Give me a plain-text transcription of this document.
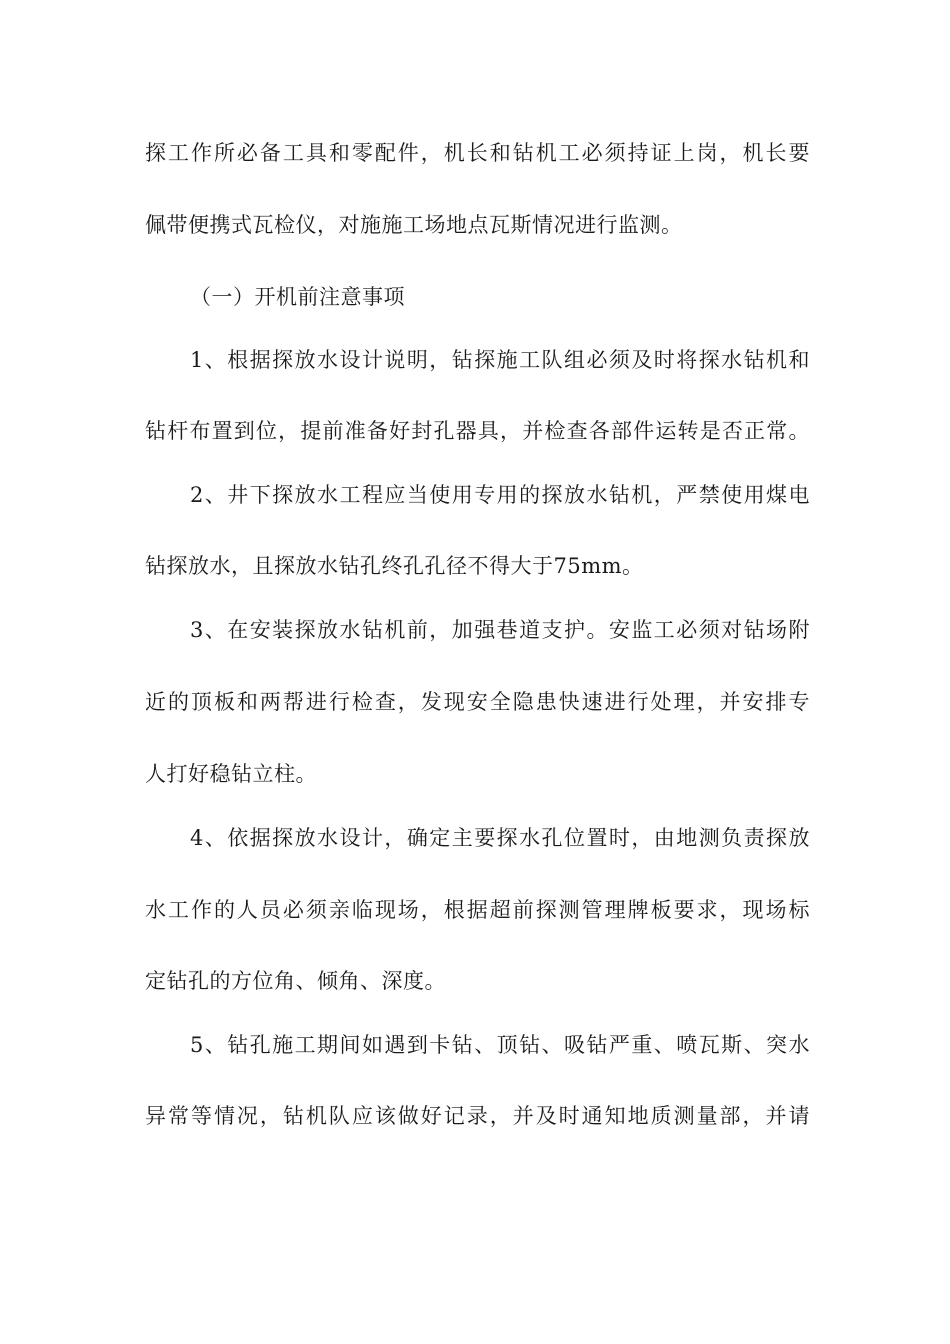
探工作所必备工具和零配件，机长和钻机工必须持证上岗，机长要
佩带便携式瓦检仪，对施施工场地点瓦斯情况进行监测。
（一）开机前注意事项
1、根据探放水设计说明，钻探施工队组必须及时将探水钻机和
钻杆布置到位，提前准备好封孔器具，并检查各部件运转是否正常。
2、井下探放水工程应当使用专用的探放水钻机，严禁使用煤电
钻探放水，且探放水钻孔终孔孔径不得大于75mm。
3、在安装探放水钻机前，加强巷道支护。安监工必须对钻场附
近的顶板和两帮进行检查，发现安全隐患快速进行处理，并安排专
人打好稳钻立柱。
4、依据探放水设计，确定主要探水孔位置时，由地测负责探放
水工作的人员必须亲临现场，根据超前探测管理牌板要求，现场标
定钻孔的方位角、倾角、深度。
5、钻孔施工期间如遇到卡钻、顶钻、吸钻严重、喷瓦斯、突水
异常等情况，钻机队应该做好记录，并及时通知地质测量部，并请
